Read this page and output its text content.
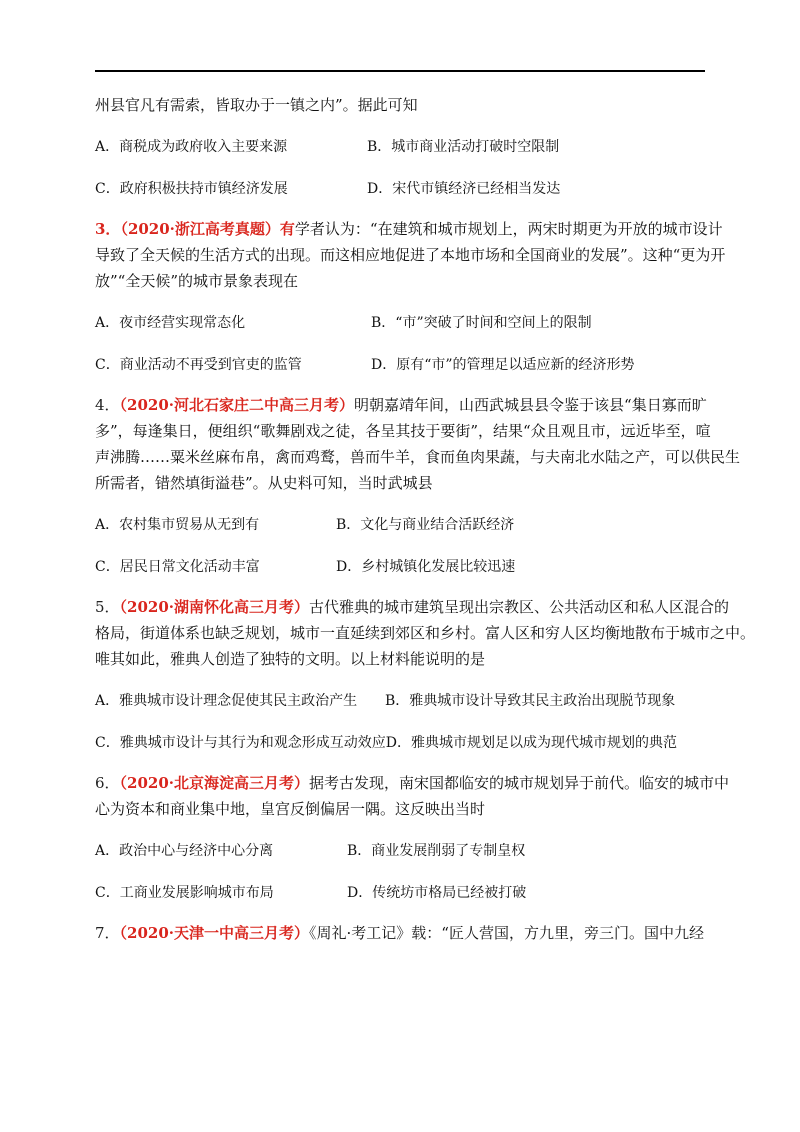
州县官凡有需索，皆取办于一镇之内”。据此可知
A．商税成为政府收入主要来源	B．城市商业活动打破时空限制
C．政府积极扶持市镇经济发展	D．宋代市镇经济已经相当发达
3．（2020·浙江高考真题）有学者认为：“在建筑和城市规划上，两宋时期更为开放的城市设计
导致了全天候的生活方式的出现。而这相应地促进了本地市场和全国商业的发展”。这种“更为开
放”“全天候”的城市景象表现在
A．夜市经营实现常态化	B．“市”突破了时间和空间上的限制
C．商业活动不再受到官吏的监管	D．原有“市”的管理足以适应新的经济形势
4．（2020·河北石家庄二中高三月考）明朝嘉靖年间，山西武城县县令鉴于该县“集日寡而旷
多”，每逢集日，便组织“歌舞剧戏之徒，各呈其技于要街”，结果“众且观且市，远近毕至，喧
声沸腾……粟米丝麻布帛，禽而鸡鹜，兽而牛羊，食而鱼肉果蔬，与夫南北水陆之产，可以供民生
所需者，错然填街溢巷”。从史料可知，当时武城县
A．农村集市贸易从无到有	B．文化与商业结合活跃经济
C．居民日常文化活动丰富	D．乡村城镇化发展比较迅速
5．（2020·湖南怀化高三月考）古代雅典的城市建筑呈现出宗教区、公共活动区和私人区混合的
格局，街道体系也缺乏规划，城市一直延续到郊区和乡村。富人区和穷人区均衡地散布于城市之中。
唯其如此，雅典人创造了独特的文明。以上材料能说明的是
A．雅典城市设计理念促使其民主政治产生	B．雅典城市设计导致其民主政治出现脱节现象
C．雅典城市设计与其行为和观念形成互动效应 D．雅典城市规划足以成为现代城市规划的典范
6．（2020·北京海淀高三月考）据考古发现，南宋国都临安的城市规划异于前代。临安的城市中
心为资本和商业集中地，皇宫反倒偏居一隅。这反映出当时
A．政治中心与经济中心分离	B．商业发展削弱了专制皇权
C．工商业发展影响城市布局	D．传统坊市格局已经被打破
7．（2020·天津一中高三月考）《周礼·考工记》载：“匠人营国，方九里，旁三门。国中九经
